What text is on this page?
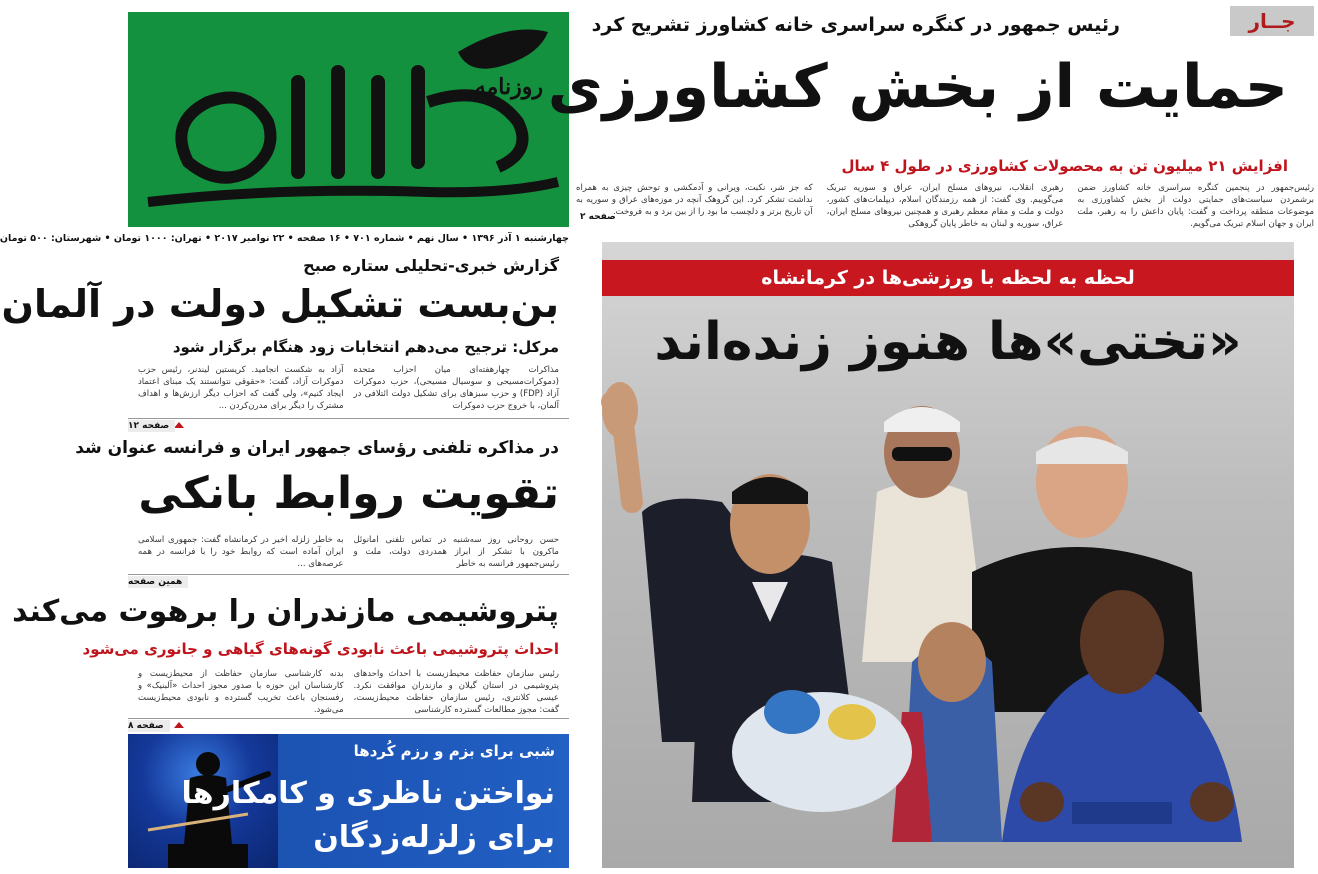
روزنامه
چهارشنبه ۱ آذر ۱۳۹۶ • سال نهم • شماره ۷۰۱ • ۱۶ صفحه • ۲۲ نوامبر ۲۰۱۷ • تهران: ۱۰۰۰ تومان • شهرستان: ۵۰۰ تومان
جــار
رئیس جمهور در کنگره سراسری خانه کشاورز تشریح کرد
حمایت از بخش کشاورزی
افزایش ۲۱ میلیون تن به محصولات کشاورزی در طول ۴ سال

رئیس‌جمهور در پنجمین کنگره سراسری خانه کشاورز ضمن برشمردن سیاست‌های حمایتی دولت از بخش کشاورزی به موضوعات منطقه پرداخت و گفت: پایان داعش را به رهبر، ملت ایران و جهان اسلام تبریک می‌گویم.

رهبری انقلاب، نیروهای مسلح ایران، عراق و سوریه تبریک می‌گوییم. وی گفت: از همه رزمندگان اسلام، دیپلمات‌های کشور، دولت و ملت و مقام معظم رهبری و همچنین نیروهای مسلح ایران، عراق، سوریه و لبنان به خاطر پایان گروهکی

که جز شر، نکبت، ویرانی و آدمکشی و توحش چیزی به همراه نداشت تشکر کرد. این گروهک آنچه در موزه‌های عراق و سوریه به آن تاریخ برتر و دلچسب ما بود را از بین برد و به فروخت.

صفحه ۲
گزارش خبری-تحلیلی ستاره صبح
بن‌بست تشکیل دولت در آلمان
مرکل: ترجیح می‌دهم انتخابات زود هنگام برگزار شود

مذاکرات چهارهفته‌ای میان احزاب متحده (دموکرات‌مسیحی و سوسیال مسیحی)، حزب دموکرات آزاد (FDP) و حزب سبزهای برای تشکیل دولت ائتلافی در آلمان، با خروج حزب دموکرات

آزاد به شکست انجامید. کریستین لیندنر، رئیس حزب دموکرات آزاد، گفت: «حقوقی نتوانستند یک مبنای اعتماد ایجاد کنیم»، ولی گفت که احزاب دیگر ارزش‌ها و اهداف مشترک را دیگر برای مدرن‌کردن ...

صفحه ۱۲
در مذاکره تلفنی رؤسای جمهور ایران و فرانسه عنوان شد
تقویت روابط بانکی

حسن روحانی روز سه‌شنبه در تماس تلفنی امانوئل ماکرون با تشکر از ابراز همدردی دولت، ملت و رئیس‌جمهور فرانسه به خاطر

به خاطر زلزله اخیر در کرمانشاه گفت: جمهوری اسلامی ایران آماده است که روابط خود را با فرانسه در همه عرصه‌های ...

همین صفحه
پتروشیمی مازندران را برهوت می‌کند
احداث پتروشیمی باعث نابودی گونه‌های گیاهی و جانوری می‌شود

رئیس سازمان حفاظت محیط‌زیست با احداث واحدهای پتروشیمی در استان گیلان و مازندران موافقت نکرد. عیسی کلانتری، رئیس سازمان حفاظت محیط‌زیست، گفت: مجوز مطالعات گسترده کارشناسی

بدنه کارشناسی سازمان حفاظت از محیط‌زیست و کارشناسان این حوزه با صدور مجوز احداث «آلبنیک» و رفسنجان باعث تخریب گسترده و نابودی محیط‌زیست می‌شود.

صفحه ۸
شبی برای بزم و رزم کُردها
نواختن ناظری و کامکارها
برای زلزله‌زدگان
لحظه به لحظه با ورزشی‌ها در کرمانشاه
«تختی»ها هنوز زنده‌اند
